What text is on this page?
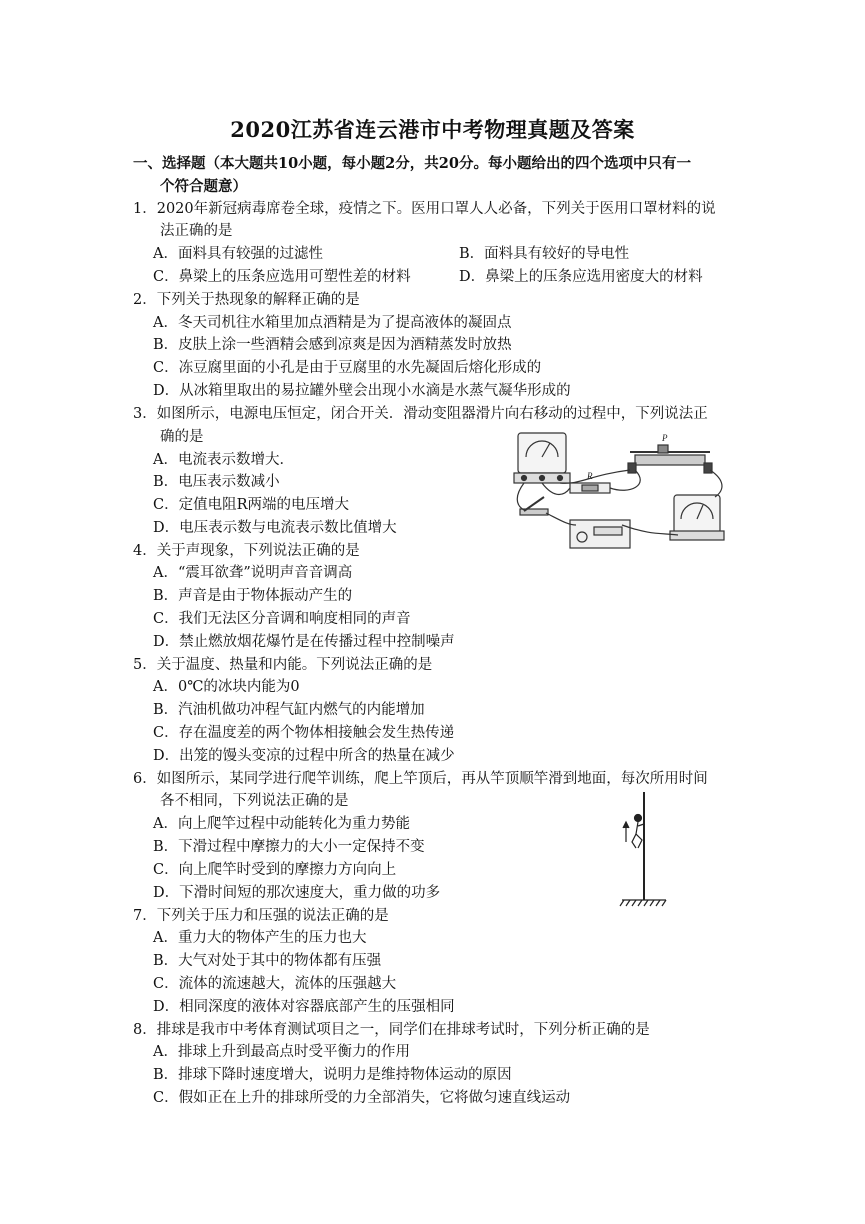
2020江苏省连云港市中考物理真题及答案
一、选择题（本大题共10小题，每小题2分，共20分。每小题给出的四个选项中只有一
个符合题意）
1．2020年新冠病毒席卷全球，疫情之下。医用口罩人人必备，下列关于医用口罩材料的说
法正确的是
A．面料具有较强的过滤性	B．面料具有较好的导电性
C．鼻梁上的压条应选用可塑性差的材料	D．鼻梁上的压条应选用密度大的材料
2．下列关于热现象的解释正确的是
A．冬天司机往水箱里加点酒精是为了提高液体的凝固点
B．皮肤上涂一些酒精会感到凉爽是因为酒精蒸发时放热
C．冻豆腐里面的小孔是由于豆腐里的水先凝固后熔化形成的
D．从冰箱里取出的易拉罐外壁会出现小水滴是水蒸气凝华形成的
3．如图所示，电源电压恒定，闭合开关．滑动变阻器滑片向右移动的过程中，下列说法正
确的是
A．电流表示数增大．
B．电压表示数减小
C．定值电阻R两端的电压增大
D．电压表示数与电流表示数比值增大
P
R
4．关于声现象，下列说法正确的是
A．“震耳欲聋”说明声音音调高
B．声音是由于物体振动产生的
C．我们无法区分音调和响度相同的声音
D．禁止燃放烟花爆竹是在传播过程中控制噪声
5．关于温度、热量和内能。下列说法正确的是
A．0℃的冰块内能为0
B．汽油机做功冲程气缸内燃气的内能增加
C．存在温度差的两个物体相接触会发生热传递
D．出笼的馒头变凉的过程中所含的热量在减少
6．如图所示，某同学进行爬竿训练，爬上竿顶后，再从竿顶顺竿滑到地面，每次所用时间
各不相同，下列说法正确的是
A．向上爬竿过程中动能转化为重力势能
B．下滑过程中摩擦力的大小一定保持不变
C．向上爬竿时受到的摩擦力方向向上
D．下滑时间短的那次速度大，重力做的功多
7．下列关于压力和压强的说法正确的是
A．重力大的物体产生的压力也大
B．大气对处于其中的物体都有压强
C．流体的流速越大，流体的压强越大
D．相同深度的液体对容器底部产生的压强相同
8．排球是我市中考体育测试项目之一，同学们在排球考试时，下列分析正确的是
A．排球上升到最高点时受平衡力的作用
B．排球下降时速度增大，说明力是维持物体运动的原因
C．假如正在上升的排球所受的力全部消失，它将做匀速直线运动
